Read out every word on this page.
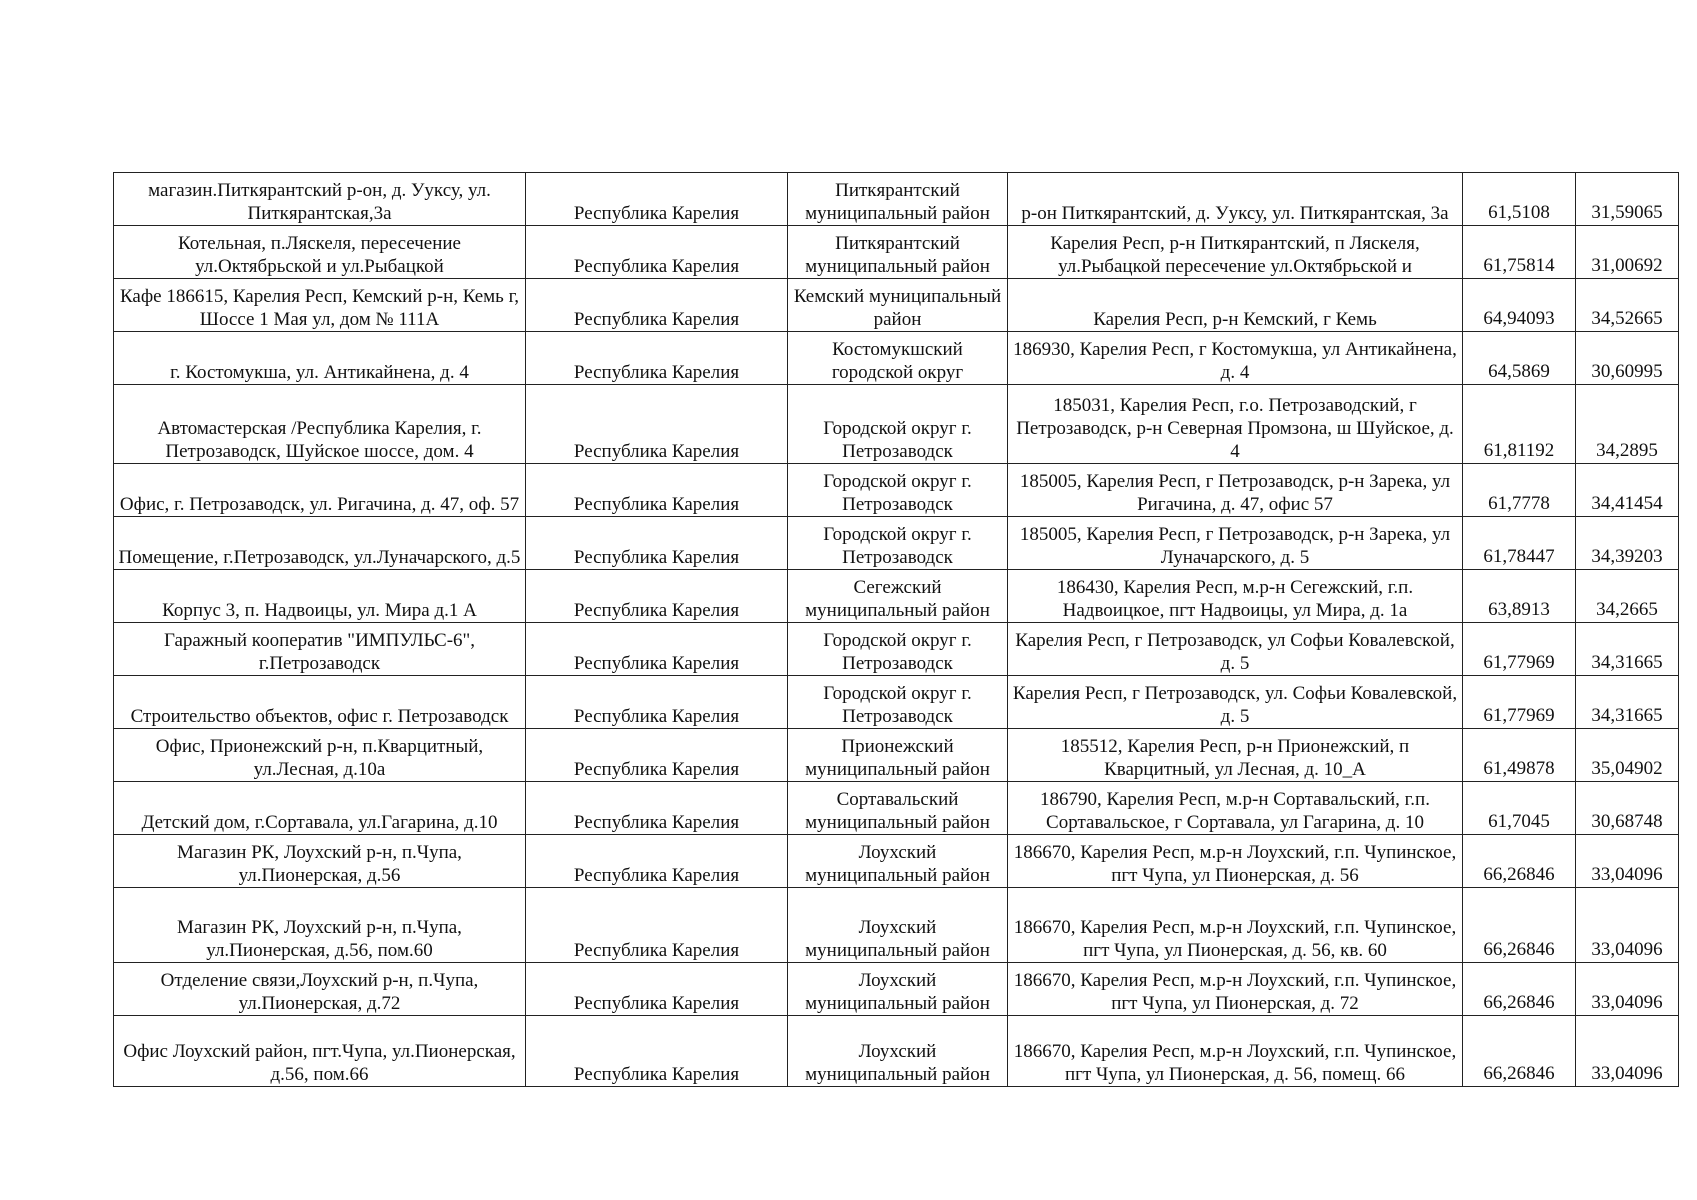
магазин.Питкярантский р-он, д. Ууксу, ул. Питкярантская,3а	Республика Карелия	Питкярантский муниципальный район	р-он Питкярантский, д. Ууксу, ул. Питкярантская, 3а	61,5108	31,59065
Котельная, п.Ляскеля, пересечение ул.Октябрьской и ул.Рыбацкой	Республика Карелия	Питкярантский муниципальный район	Карелия Респ, р-н Питкярантский, п Ляскеля, ул.Рыбацкой пересечение ул.Октябрьской и	61,75814	31,00692
Кафе 186615, Карелия Респ, Кемский р-н, Кемь г, Шоссе 1 Мая ул, дом № 111А	Республика Карелия	Кемский муниципальный район	Карелия Респ, р-н Кемский, г Кемь	64,94093	34,52665
г. Костомукша, ул. Антикайнена, д. 4	Республика Карелия	Костомукшский городской округ	186930, Карелия Респ, г Костомукша, ул Антикайнена, д. 4	64,5869	30,60995
Автомастерская /Республика Карелия, г. Петрозаводск, Шуйское шоссе, дом. 4	Республика Карелия	Городской округ г. Петрозаводск	185031, Карелия Респ, г.о. Петрозаводский, г Петрозаводск, р-н Северная Промзона, ш Шуйское, д. 4	61,81192	34,2895
Офис, г. Петрозаводск, ул. Ригачина, д. 47, оф. 57	Республика Карелия	Городской округ г. Петрозаводск	185005, Карелия Респ, г Петрозаводск, р-н Зарека, ул Ригачина, д. 47, офис 57	61,7778	34,41454
Помещение, г.Петрозаводск, ул.Луначарского, д.5	Республика Карелия	Городской округ г. Петрозаводск	185005, Карелия Респ, г Петрозаводск, р-н Зарека, ул Луначарского, д. 5	61,78447	34,39203
Корпус 3, п. Надвоицы, ул. Мира д.1 А	Республика Карелия	Сегежский муниципальный район	186430, Карелия Респ, м.р-н Сегежский, г.п. Надвоицкое, пгт Надвоицы, ул Мира, д. 1а	63,8913	34,2665
Гаражный кооператив "ИМПУЛЬС-6", г.Петрозаводск	Республика Карелия	Городской округ г. Петрозаводск	Карелия Респ, г Петрозаводск, ул Софьи Ковалевской, д. 5	61,77969	34,31665
Строительство объектов, офис г. Петрозаводск	Республика Карелия	Городской округ г. Петрозаводск	Карелия Респ, г Петрозаводск, ул. Софьи Ковалевской, д. 5	61,77969	34,31665
Офис, Прионежский р-н, п.Кварцитный, ул.Лесная, д.10а	Республика Карелия	Прионежский муниципальный район	185512, Карелия Респ, р-н Прионежский, п Кварцитный, ул Лесная, д. 10_А	61,49878	35,04902
Детский дом, г.Сортавала, ул.Гагарина, д.10	Республика Карелия	Сортавальский муниципальный район	186790, Карелия Респ, м.р-н Сортавальский, г.п. Сортавальское, г Сортавала, ул Гагарина, д. 10	61,7045	30,68748
Магазин РК, Лоухский р-н, п.Чупа, ул.Пионерская, д.56	Республика Карелия	Лоухский муниципальный район	186670, Карелия Респ, м.р-н Лоухский, г.п. Чупинское, пгт Чупа, ул Пионерская, д. 56	66,26846	33,04096
Магазин РК, Лоухский р-н, п.Чупа, ул.Пионерская, д.56, пом.60	Республика Карелия	Лоухский муниципальный район	186670, Карелия Респ, м.р-н Лоухский, г.п. Чупинское, пгт Чупа, ул Пионерская, д. 56, кв. 60	66,26846	33,04096
Отделение связи,Лоухский р-н, п.Чупа, ул.Пионерская, д.72	Республика Карелия	Лоухский муниципальный район	186670, Карелия Респ, м.р-н Лоухский, г.п. Чупинское, пгт Чупа, ул Пионерская, д. 72	66,26846	33,04096
Офис Лоухский район, пгт.Чупа, ул.Пионерская, д.56, пом.66	Республика Карелия	Лоухский муниципальный район	186670, Карелия Респ, м.р-н Лоухский, г.п. Чупинское, пгт Чупа, ул Пионерская, д. 56, помещ. 66	66,26846	33,04096
